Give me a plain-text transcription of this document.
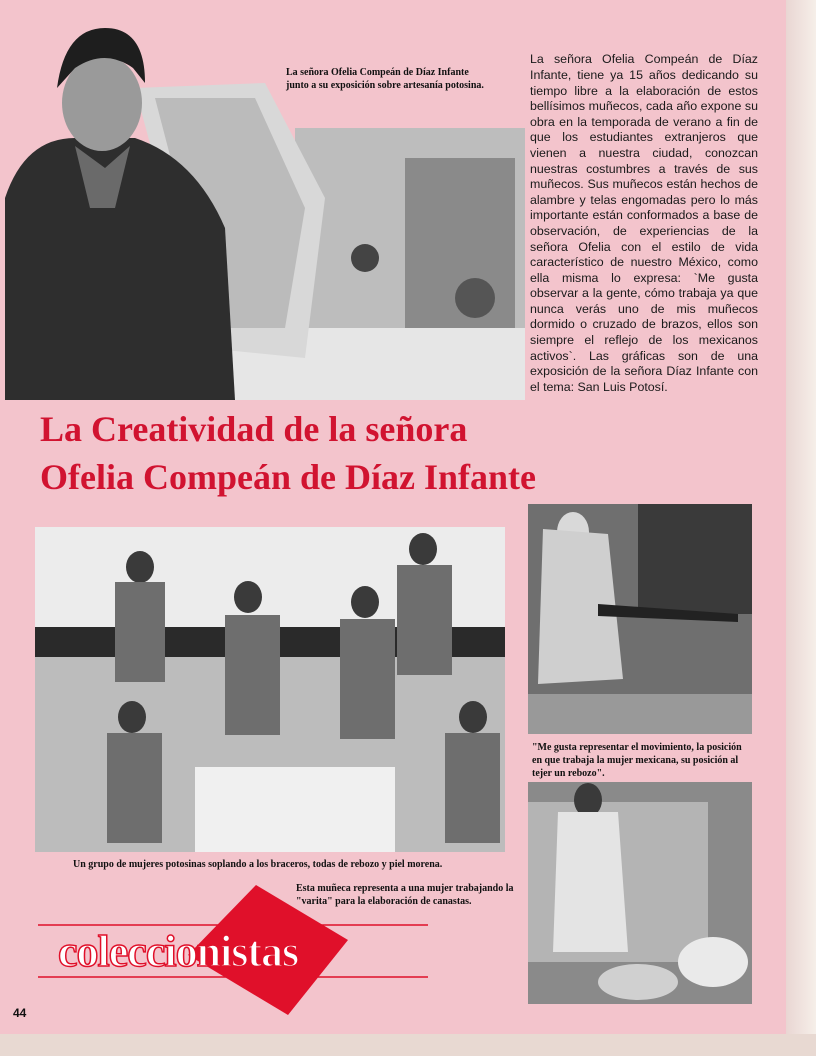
La señora Ofelia Compeán de Díaz Infante junto a su exposición sobre artesanía potosina.

La señora Ofelia Compeán de Díaz Infante, tiene ya 15 años dedicando su tiempo libre a la elaboración de estos bellísimos muñecos, cada año expone su obra en la temporada de verano a fin de que los estudiantes extranjeros que vienen a nuestra ciudad, conozcan nuestras costumbres a través de sus muñecos. Sus muñecos están hechos de alambre y telas engomadas pero lo más importante están conformados a base de observación, de experiencias de la señora Ofelia con el estilo de vida característico de nuestro México, como ella misma lo expresa: `Me gusta observar a la gente, cómo trabaja ya que nunca verás uno de mis muñecos dormido o cruzado de brazos, ellos son siempre el reflejo de los mexicanos activos`. Las gráficas son de una exposición de la señora Díaz Infante con el tema: San Luis Potosí.

La Creatividad de la señora
Ofelia Compeán de Díaz Infante
Un grupo de mujeres potosinas soplando a los braceros, todas de rebozo y piel morena.
"Me gusta representar el movimiento, la posición en que trabaja la mujer mexicana, su posición al tejer un rebozo".
Esta muñeca representa a una mujer trabajando la "varita" para la elaboración de canastas.
coleccionistas
44
